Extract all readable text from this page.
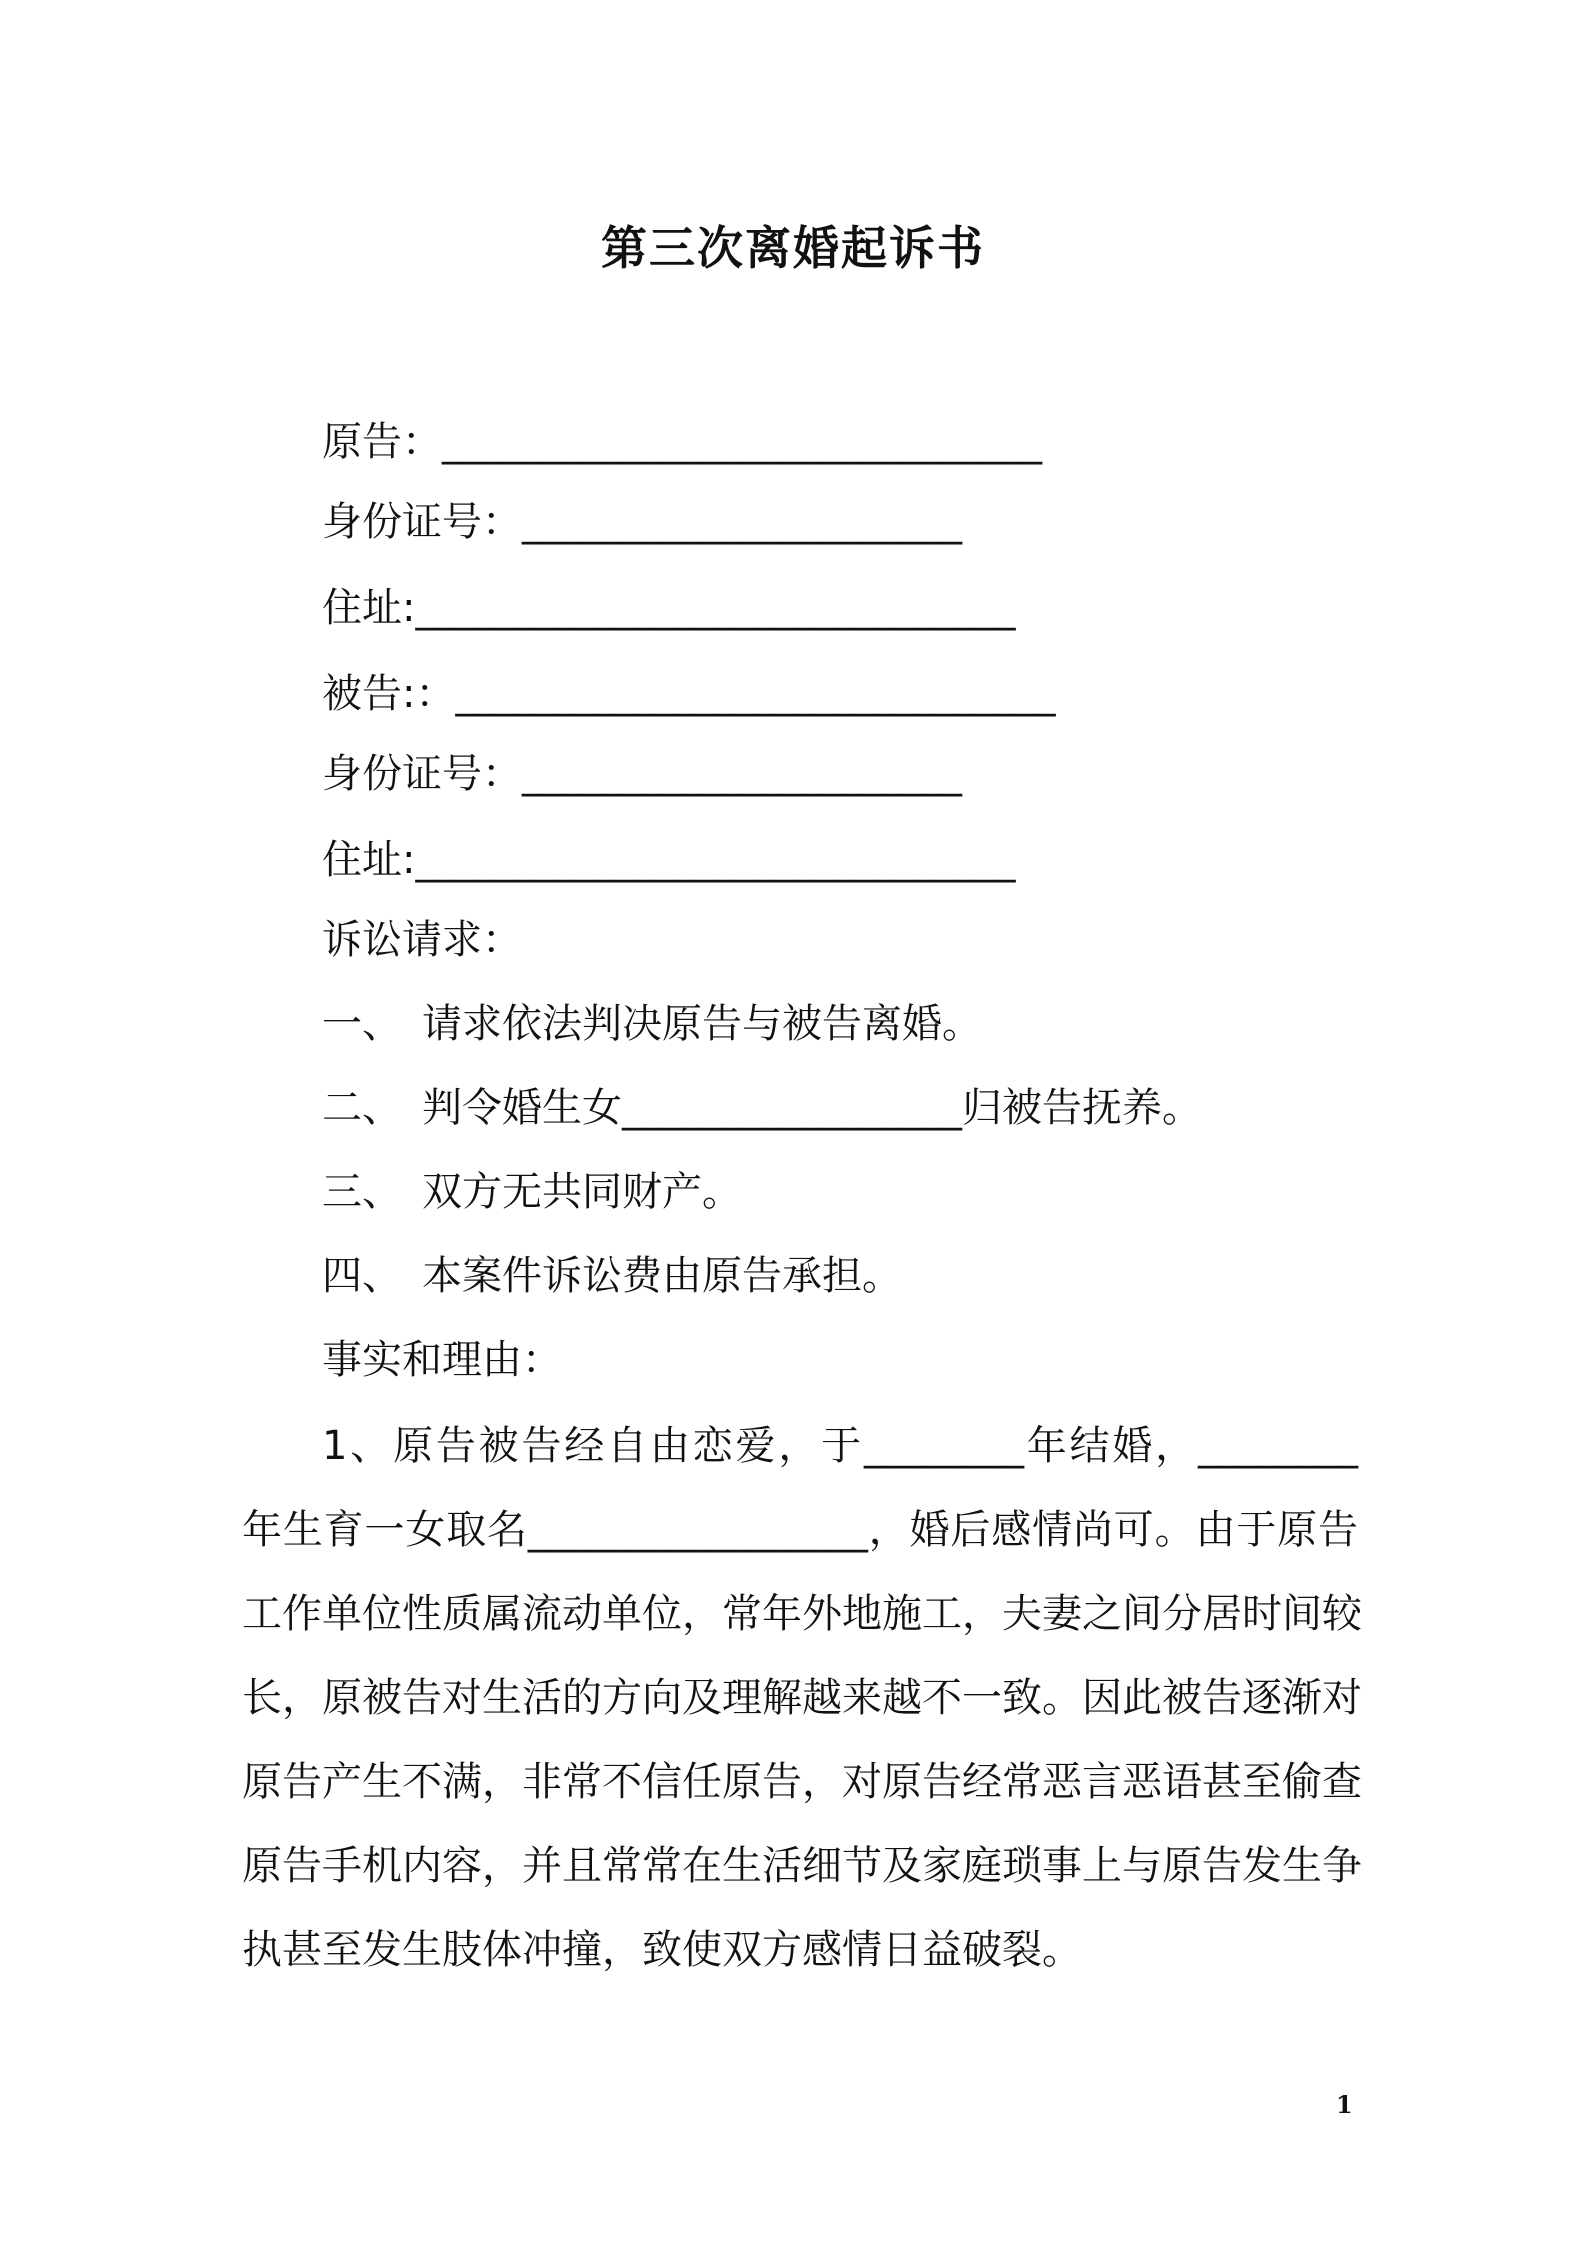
第三次离婚起诉书
原告：______________________________
身份证号：______________________
住址:______________________________
被告:：______________________________
身份证号：______________________
住址:______________________________
诉讼请求：
一、 请求依法判决原告与被告离婚。
二、 判令婚生女_________________归被告抚养。
三、 双方无共同财产。
四、 本案件诉讼费由原告承担。
事实和理由：
1、原告被告经自由恋爱，于________年结婚，________
年生育一女取名_________________，婚后感情尚可。由于原告
工作单位性质属流动单位，常年外地施工，夫妻之间分居时间较
长，原被告对生活的方向及理解越来越不一致。因此被告逐渐对
原告产生不满，非常不信任原告，对原告经常恶言恶语甚至偷查
原告手机内容，并且常常在生活细节及家庭琐事上与原告发生争
执甚至发生肢体冲撞，致使双方感情日益破裂。
1
